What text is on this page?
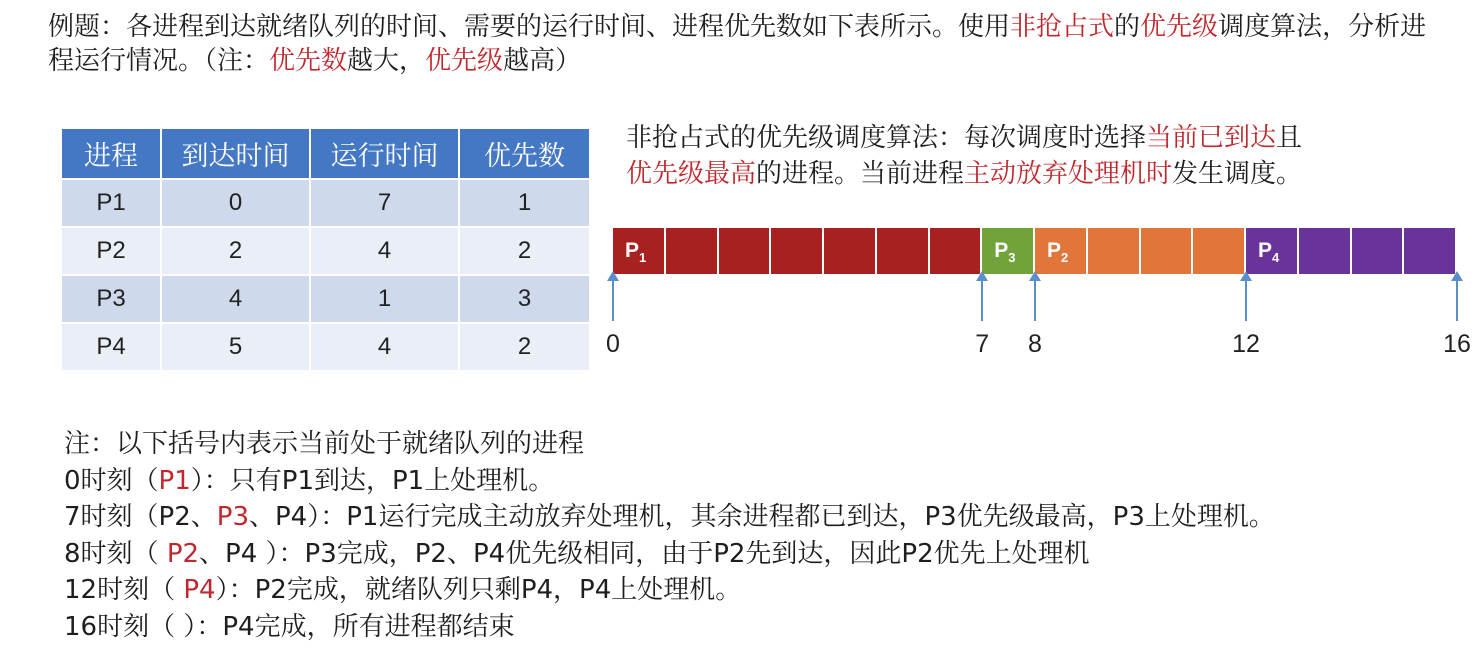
例题：各进程到达就绪队列的时间、需要的运行时间、进程优先数如下表所示。使用非抢占式的优先级调度算法，分析进程运行情况。（注：优先数越大，优先级越高）

进程	到达时间	运行时间	优先数
P1	0	7	1
P2	2	4	2
P3	4	1	3
P4	5	4	2

非抢占式的优先级调度算法：每次调度时选择当前已到达且
优先级最高的进程。当前进程主动放弃处理机时发生调度。

$P_1$	$P_3$ $P_2$	$P_4$
0	7 8	12	16
注：以下括号内表示当前处于就绪队列的进程
0时刻（P1）：只有P1到达，P1上处理机。
7时刻（P2、P3、P4）：P1运行完成主动放弃处理机，其余进程都已到达，P3优先级最高，P3上处理机。
8时刻（ P2、P4 ）：P3完成，P2、P4优先级相同，由于P2先到达，因此P2优先上处理机
12时刻（ P4）：P2完成，就绪队列只剩P4，P4上处理机。
16时刻（ ）：P4完成，所有进程都结束
